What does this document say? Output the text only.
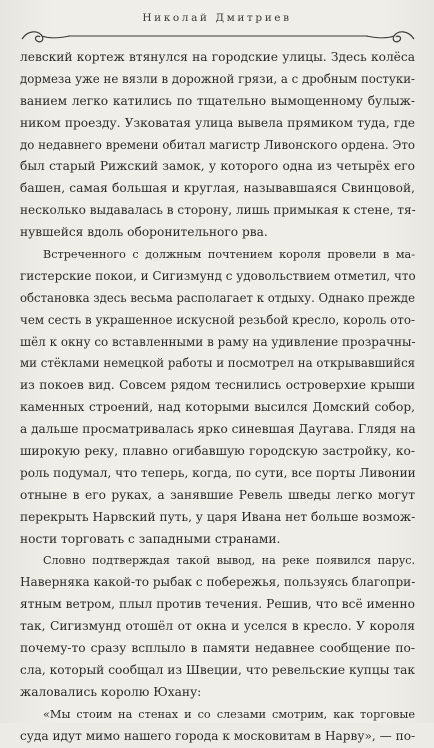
Николай Дмитриев
левский кортеж втянулся на городские улицы. Здесь колёса
дормеза уже не вязли в дорожной грязи, а с дробным постуки-
ванием легко катились по тщательно вымощенному булыж-
ником проезду. Узковатая улица вывела прямиком туда, где
до недавнего времени обитал магистр Ливонского ордена. Это
был старый Рижский замок, у которого одна из четырёх его
башен, самая большая и круглая, называвшаяся Свинцовой,
несколько выдавалась в сторону, лишь примыкая к стене, тя-
нувшейся вдоль оборонительного рва.
Встреченного с должным почтением короля провели в ма-
гистерские покои, и Сигизмунд с удовольствием отметил, что
обстановка здесь весьма располагает к отдыху. Однако прежде
чем сесть в украшенное искусной резьбой кресло, король ото-
шёл к окну со вставленными в раму на удивление прозрачны-
ми стёклами немецкой работы и посмотрел на открывавшийся
из покоев вид. Совсем рядом теснились островерхие крыши
каменных строений, над которыми высился Домский собор,
а дальше просматривалась ярко синевшая Даугава. Глядя на
широкую реку, плавно огибавшую городскую застройку, ко-
роль подумал, что теперь, когда, по сути, все порты Ливонии
отныне в его руках, а занявшие Ревель шведы легко могут
перекрыть Нарвский путь, у царя Ивана нет больше возмож-
ности торговать с западными странами.
Словно подтверждая такой вывод, на реке появился парус.
Наверняка какой-то рыбак с побережья, пользуясь благопри-
ятным ветром, плыл против течения. Решив, что всё именно
так, Сигизмунд отошёл от окна и уселся в кресло. У короля
почему-то сразу всплыло в памяти недавнее сообщение по-
сла, который сообщал из Швеции, что ревельские купцы так
жаловались королю Юхану:
«Мы стоим на стенах и со слезами смотрим, как торговые
суда идут мимо нашего города к московитам в Нарву», — по-
